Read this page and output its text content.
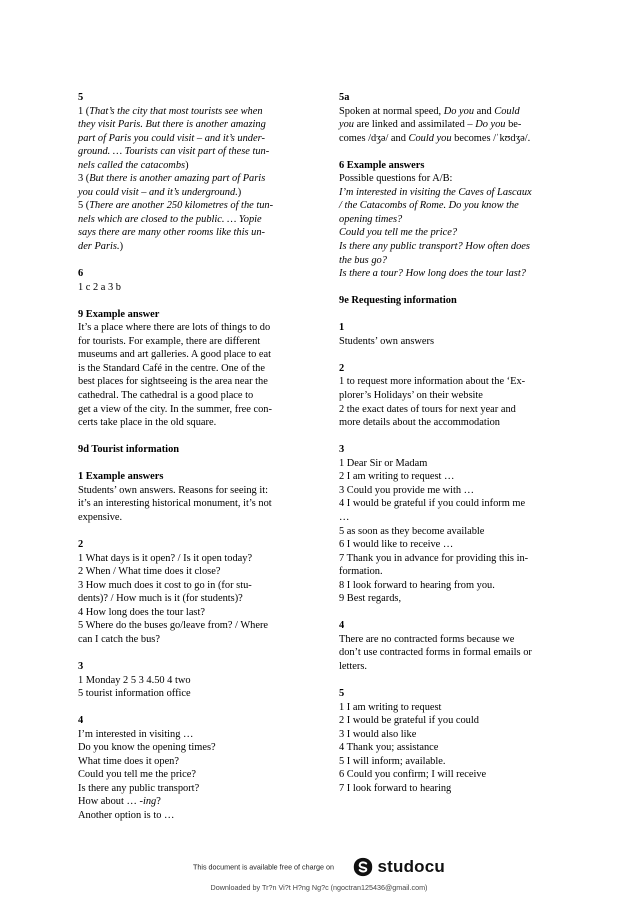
5
1 (That’s the city that most tourists see when
they visit Paris. But there is another amazing
part of Paris you could visit – and it’s under-
ground. … Tourists can visit part of these tun-
nels called the catacombs)
3 (But there is another amazing part of Paris
you could visit – and it’s underground.)
5 (There are another 250 kilometres of the tun-
nels which are closed to the public. … Yopie
says there are many other rooms like this un-
der Paris.)
6
1 c 2 a 3 b
9 Example answer
It’s a place where there are lots of things to do
for tourists. For example, there are different
museums and art galleries. A good place to eat
is the Standard Café in the centre. One of the
best places for sightseeing is the area near the
cathedral. The cathedral is a good place to
get a view of the city. In the summer, free con-
certs take place in the old square.
9d Tourist information
1 Example answers
Students’ own answers. Reasons for seeing it:
it’s an interesting historical monument, it’s not
expensive.
2
1 What days is it open? / Is it open today?
2 When / What time does it close?
3 How much does it cost to go in (for stu-
dents)? / How much is it (for students)?
4 How long does the tour last?
5 Where do the buses go/leave from? / Where
can I catch the bus?
3
1 Monday 2 5 3 4.50 4 two
5 tourist information office
4
I’m interested in visiting …
Do you know the opening times?
What time does it open?
Could you tell me the price?
Is there any public transport?
How about … -ing?
Another option is to …
5a
Spoken at normal speed, Do you and Could
you are linked and assimilated – Do you be-
comes /dʒə/ and Could you becomes /ˈkʊdʒə/.
6 Example answers
Possible questions for A/B:
I’m interested in visiting the Caves of Lascaux
/ the Catacombs of Rome. Do you know the
opening times?
Could you tell me the price?
Is there any public transport? How often does
the bus go?
Is there a tour? How long does the tour last?
9e Requesting information
1
Students’ own answers
2
1 to request more information about the ‘Ex-
plorer’s Holidays’ on their website
2 the exact dates of tours for next year and
more details about the accommodation
3
1 Dear Sir or Madam
2 I am writing to request …
3 Could you provide me with …
4 I would be grateful if you could inform me
…
5 as soon as they become available
6 I would like to receive …
7 Thank you in advance for providing this in-
formation.
8 I look forward to hearing from you.
9 Best regards,
4
There are no contracted forms because we
don’t use contracted forms in formal emails or
letters.
5
1 I am writing to request
2 I would be grateful if you could
3 I would also like
4 Thank you; assistance
5 I will inform; available.
6 Could you confirm; I will receive
7 I look forward to hearing
This document is available free of charge on	studocu
Downloaded by Tr?n Vi?t H?ng Ng?c (ngoctran125436@gmail.com)
